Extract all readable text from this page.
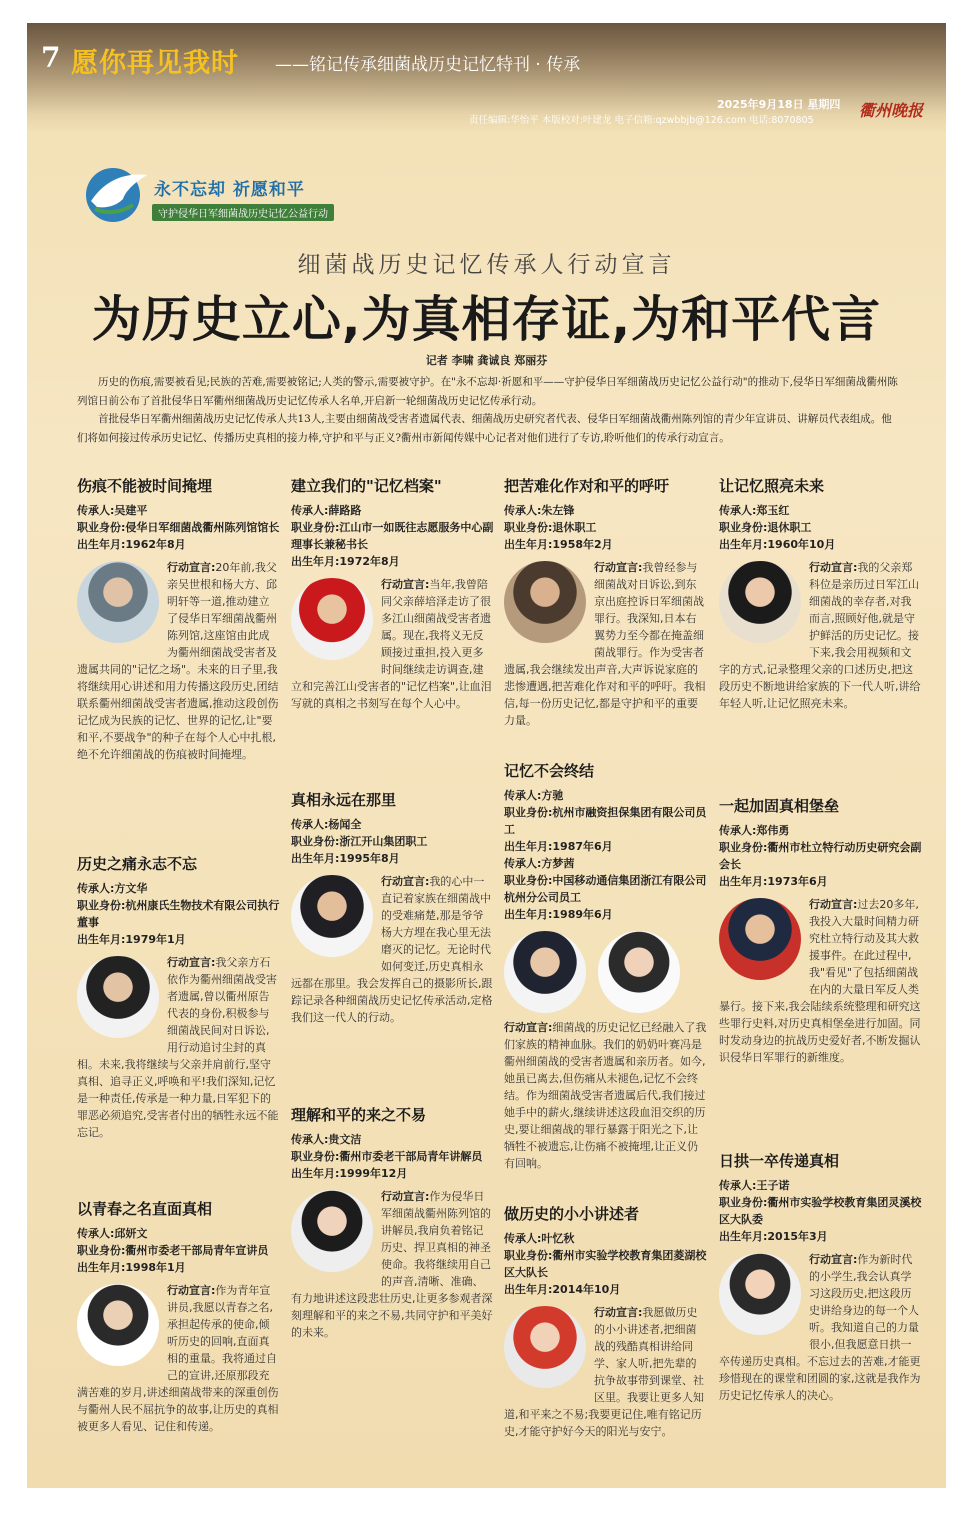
7 愿你再见我时 ——铭记传承细菌战历史记忆特刊 · 传承
2025年9月18日 星期四
责任编辑:华怡平 本版校对:叶建龙 电子信箱:qzwbbjb@126.com 电话:8070805
衢州晚报
永不忘却 祈愿和平
守护侵华日军细菌战历史记忆公益行动
细菌战历史记忆传承人行动宣言
为历史立心,为真相存证,为和平代言
记者 李啸 龚诚良 郑丽芬

历史的伤痕,需要被看见;民族的苦难,需要被铭记;人类的警示,需要被守护。在"永不忘却·祈愿和平——守护侵华日军细菌战历史记忆公益行动"的推动下,侵华日军细菌战衢州陈列馆日前公布了首批侵华日军衢州细菌战历史记忆传承人名单,开启新一轮细菌战历史记忆传承行动。

首批侵华日军衢州细菌战历史记忆传承人共13人,主要由细菌战受害者遗属代表、细菌战历史研究者代表、侵华日军细菌战衢州陈列馆的青少年宣讲员、讲解员代表组成。他们将如何接过传承历史记忆、传播历史真相的接力棒,守护和平与正义?衢州市新闻传媒中心记者对他们进行了专访,聆听他们的传承行动宣言。

伤痕不能被时间掩埋
传承人:吴建平
职业身份:侵华日军细菌战衢州陈列馆馆长
出生年月:1962年8月
行动宣言:20年前,我父亲吴世根和杨大方、邱明轩等一道,推动建立了侵华日军细菌战衢州陈列馆,这座馆由此成为衢州细菌战受害者及遗属共同的"记忆之场"。未来的日子里,我将继续用心讲述和用力传播这段历史,团结联系衢州细菌战受害者遗属,推动这段创伤记忆成为民族的记忆、世界的记忆,让"要和平,不要战争"的种子在每个人心中扎根,绝不允许细菌战的伤痕被时间掩埋。
历史之痛永志不忘
传承人:方文华
职业身份:杭州康氏生物技术有限公司执行董事
出生年月:1979年1月
行动宣言:我父亲方石依作为衢州细菌战受害者遗属,曾以衢州原告代表的身份,积极参与细菌战民间对日诉讼,用行动追讨尘封的真相。未来,我将继续与父亲并肩前行,坚守真相、追寻正义,呼唤和平!我们深知,记忆是一种责任,传承是一种力量,日军犯下的罪恶必须追究,受害者付出的牺牲永远不能忘记。
以青春之名直面真相
传承人:邱妍文
职业身份:衢州市委老干部局青年宣讲员
出生年月:1998年1月
行动宣言:作为青年宣讲员,我愿以青春之名,承担起传承的使命,倾听历史的回响,直面真相的重量。我将通过自己的宣讲,还原那段充满苦难的岁月,讲述细菌战带来的深重创伤与衢州人民不屈抗争的故事,让历史的真相被更多人看见、记住和传递。
建立我们的"记忆档案"
传承人:薛路路
职业身份:江山市一如既往志愿服务中心副理事长兼秘书长
出生年月:1972年8月
行动宣言:当年,我曾陪同父亲薛培泽走访了很多江山细菌战受害者遗属。现在,我将义无反顾接过重担,投入更多时间继续走访调查,建立和完善江山受害者的"记忆档案",让血泪写就的真相之书刻写在每个人心中。
真相永远在那里
传承人:杨闻全
职业身份:浙江开山集团职工
出生年月:1995年8月
行动宣言:我的心中一直记着家族在细菌战中的受难痛楚,那是爷爷杨大方埋在我心里无法磨灭的记忆。无论时代如何变迁,历史真相永远都在那里。我会发挥自己的摄影所长,跟踪记录各种细菌战历史记忆传承活动,定格我们这一代人的行动。
理解和平的来之不易
传承人:贵文洁
职业身份:衢州市委老干部局青年讲解员
出生年月:1999年12月
行动宣言:作为侵华日军细菌战衢州陈列馆的讲解员,我肩负着铭记历史、捍卫真相的神圣使命。我将继续用自己的声音,清晰、准确、有力地讲述这段悲壮历史,让更多参观者深刻理解和平的来之不易,共同守护和平美好的未来。
把苦难化作对和平的呼吁
传承人:朱左锋
职业身份:退休职工
出生年月:1958年2月
行动宣言:我曾经参与细菌战对日诉讼,到东京出庭控诉日军细菌战罪行。我深知,日本右翼势力至今都在掩盖细菌战罪行。作为受害者遗属,我会继续发出声音,大声诉说家庭的悲惨遭遇,把苦难化作对和平的呼吁。我相信,每一份历史记忆,都是守护和平的重要力量。
记忆不会终结
传承人:方驰
职业身份:杭州市融资担保集团有限公司员工
出生年月:1987年6月
传承人:方梦茜
职业身份:中国移动通信集团浙江有限公司杭州分公司员工
出生年月:1989年6月
行动宣言:细菌战的历史记忆已经融入了我们家族的精神血脉。我们的奶奶叶赛冯是衢州细菌战的受害者遗属和亲历者。如今,她虽已离去,但伤痛从未褪色,记忆不会终结。作为细菌战受害者遗属后代,我们接过她手中的薪火,继续讲述这段血泪交织的历史,要让细菌战的罪行暴露于阳光之下,让牺牲不被遗忘,让伤痛不被掩埋,让正义仍有回响。
做历史的小小讲述者
传承人:叶忆秋
职业身份:衢州市实验学校教育集团菱湖校区大队长
出生年月:2014年10月
行动宣言:我愿做历史的小小讲述者,把细菌战的残酷真相讲给同学、家人听,把先辈的抗争故事带到课堂、社区里。我要让更多人知道,和平来之不易;我要更记住,唯有铭记历史,才能守护好今天的阳光与安宁。
让记忆照亮未来
传承人:郑玉红
职业身份:退休职工
出生年月:1960年10月
行动宣言:我的父亲郑科位是亲历过日军江山细菌战的幸存者,对我而言,照顾好他,就是守护鲜活的历史记忆。接下来,我会用视频和文字的方式,记录整理父亲的口述历史,把这段历史不断地讲给家族的下一代人听,讲给年轻人听,让记忆照亮未来。
一起加固真相堡垒
传承人:郑伟勇
职业身份:衢州市杜立特行动历史研究会副会长
出生年月:1973年6月
行动宣言:过去20多年,我投入大量时间精力研究杜立特行动及其大救援事件。在此过程中,我"看见"了包括细菌战在内的大量日军反人类暴行。接下来,我会陆续系统整理和研究这些罪行史料,对历史真相堡垒进行加固。同时发动身边的抗战历史爱好者,不断发掘认识侵华日军罪行的新维度。
日拱一卒传递真相
传承人:王子诺
职业身份:衢州市实验学校教育集团灵溪校区大队委
出生年月:2015年3月
行动宣言:作为新时代的小学生,我会认真学习这段历史,把这段历史讲给身边的每一个人听。我知道自己的力量很小,但我愿意日拱一卒传递历史真相。不忘过去的苦难,才能更珍惜现在的课堂和团圆的家,这就是我作为历史记忆传承人的决心。
